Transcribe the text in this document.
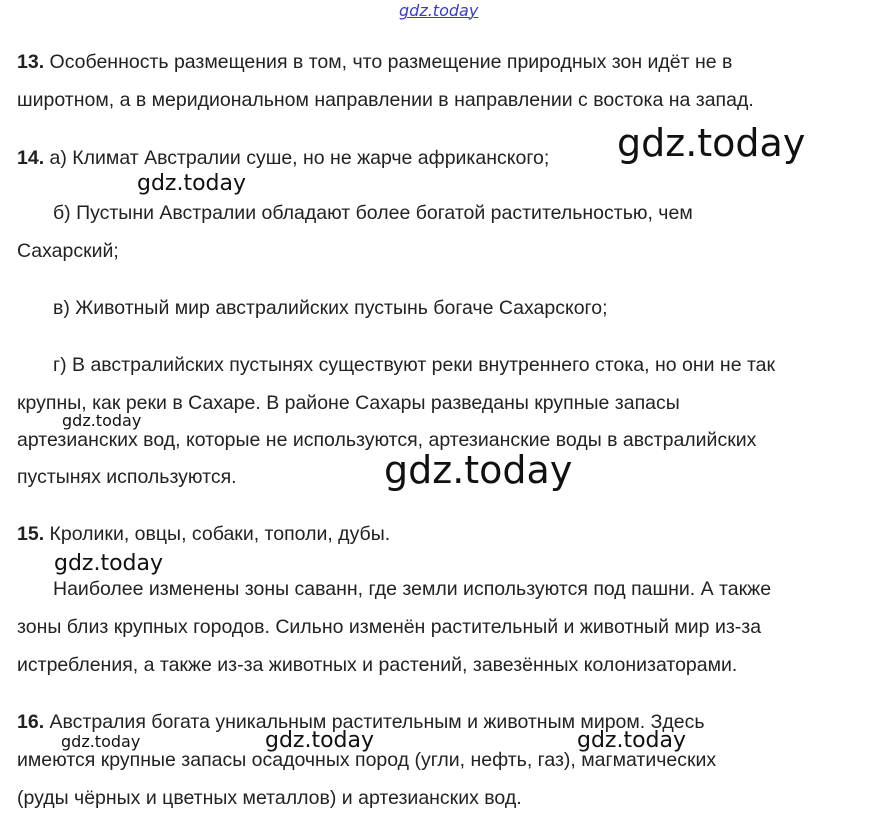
gdz.today
13. Особенность размещения в том, что размещение природных зон идёт не в
широтном, а в меридиональном направлении в направлении с востока на запад.
14. а) Климат Австралии суше, но не жарче африканского;
б) Пустыни Австралии обладают более богатой растительностью, чем
Сахарский;
в) Животный мир австралийских пустынь богаче Сахарского;
г) В австралийских пустынях существуют реки внутреннего стока, но они не так
крупны, как реки в Сахаре. В районе Сахары разведаны крупные запасы
артезианских вод, которые не используются, артезианские воды в австралийских
пустынях используются.
15. Кролики, овцы, собаки, тополи, дубы.
Наиболее изменены зоны саванн, где земли используются под пашни. А также
зоны близ крупных городов. Сильно изменён растительный и животный мир из-за
истребления, а также из-за животных и растений, завезённых колонизаторами.
16. Австралия богата уникальным растительным и животным миром. Здесь
имеются крупные запасы осадочных пород (угли, нефть, газ), магматических
(руды чёрных и цветных металлов) и артезианских вод.
gdz.today
gdz.today
gdz.today
gdz.today
gdz.today
gdz.today	gdz.today	gdz.today
